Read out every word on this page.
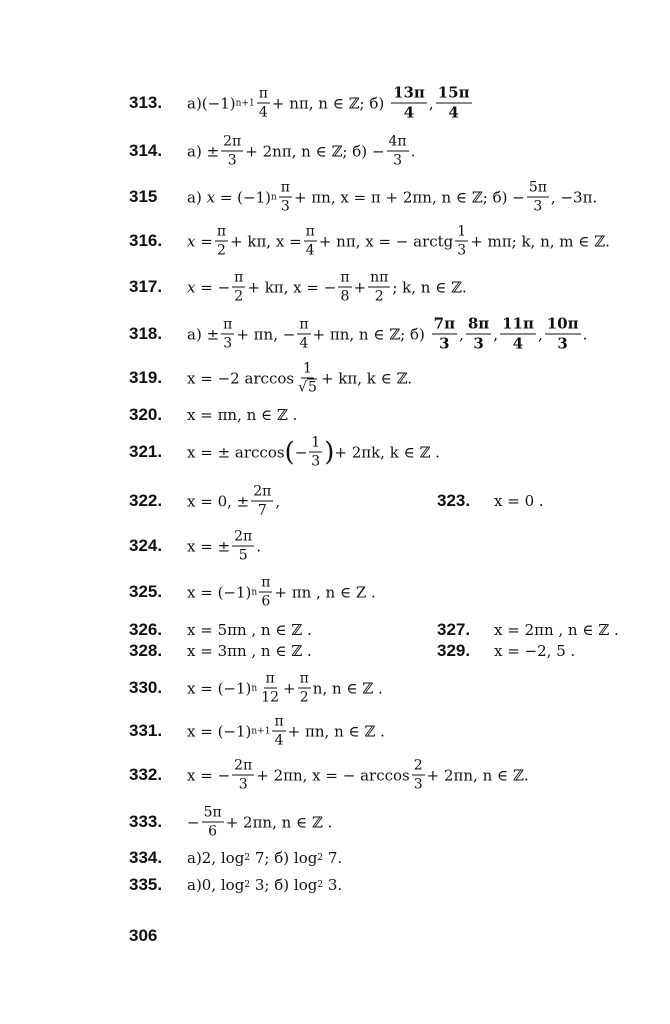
313. а) (−1) $n+1 \frac{\pi}{4} + n\pi$, n ∈ ℤ;
б)
$\frac{13\pi}{4}$ , $\frac{15\pi}{4}$
314. $а) \pm \frac{2\pi}{3} + 2n\pi$, n ∈ ℤ;
$б) - \frac{4\pi}{3}$ .
315 а)
x = (−1) n $\frac{\pi}{3} + \pi n$, x = π + 2πn, n ∈ ℤ;
$б) - \frac{5\pi}{3}$ , −3π.
316. $x = \frac{\pi}{2} + k\pi$, $x = \frac{\pi}{4} + n\pi$, x = − arctg $\frac{1}{3} + m\pi$; k, n, m ∈ ℤ.
317. x = − $\frac{\pi}{2} + k\pi$, x = − $\frac{\pi}{8} + \frac{n\pi}{2}$ ; k, n ∈ ℤ.
318. $а) \pm \frac{\pi}{3} + \pi n$, − $\frac{\pi}{4} + \pi n$, n ∈ ℤ;
б)
$\frac{7\pi}{3}$ , $\frac{8\pi}{3}$ , $\frac{11\pi}{4}$ , $\frac{10\pi}{3}$ .
319. x = −2 $\arccos \frac{1}{√5} + k\pi$, k ∈ ℤ.
320. x = πn, n ∈ ℤ .
321. x = ± arccos ( − $\frac{1}{3}$ ) + 2πk, k ∈ ℤ .
322. x = 0, ± $\frac{2\pi}{7}$ ,	323. x = 0 .
324. x = ± $\frac{2\pi}{5}$ .
325. x = (−1) n $\frac{\pi}{6} + \pi n$ , n ∈ Z .
326. x = 5πn , n ∈ ℤ .	327. x = 2πn , n ∈ ℤ .
328. x = 3πn , n ∈ ℤ .	329. x = −2, 5 .
330. x = (−1) n $\frac{\pi}{12} + \frac{\pi}{2} n$, n ∈ ℤ .
331. x = (−1) $n+1 \frac{\pi}{4} + \pi n$, n ∈ ℤ .
332. x = − $\frac{2\pi}{3} + 2\pi n$, x = − $\arccos \frac{2}{3} + 2\pi n$, n ∈ ℤ.
333. − $\frac{5\pi}{6} + 2\pi n$, n ∈ ℤ .
334. а) 2, log 2
7;
б)
log 2
7.
335. а) 0, log 2
3;
б)
log 2
3.
306
